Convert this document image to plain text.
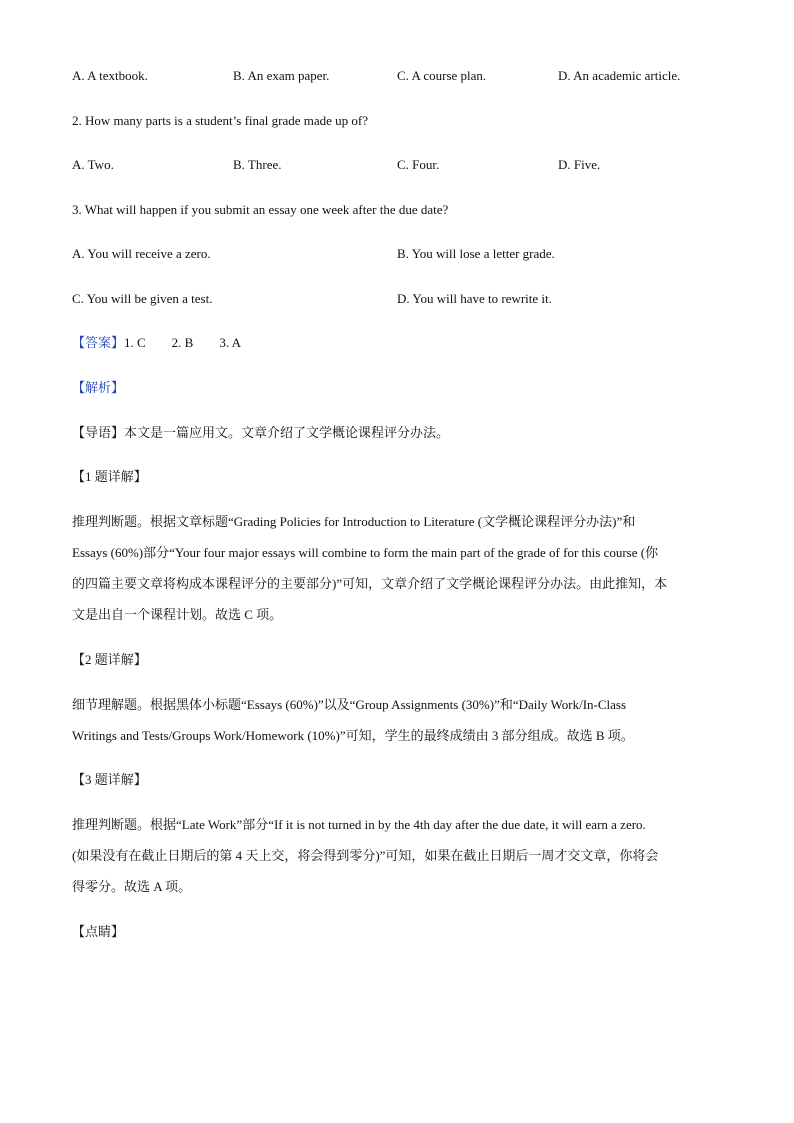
A. A textbook.	B. An exam paper.	C. A course plan.	D. An academic article.
2. How many parts is a student’s final grade made up of?
A. Two.	B. Three.	C. Four.	D. Five.
3. What will happen if you submit an essay one week after the due date?
A. You will receive a zero.	B. You will lose a letter grade.
C. You will be given a test.	D. You will have to rewrite it.
【答案】1. C        2. B        3. A
【解析】
【导语】本文是一篇应用文。文章介绍了文学概论课程评分办法。
【1 题详解】
推理判断题。根据文章标题“Grading Policies for Introduction to Literature (文学概论课程评分办法)”和
Essays (60%)部分“Your four major essays will combine to form the main part of the grade of for this course (你
的四篇主要文章将构成本课程评分的主要部分)”可知，文章介绍了文学概论课程评分办法。由此推知，本
文是出自一个课程计划。故选 C 项。
【2 题详解】
细节理解题。根据黑体小标题“Essays (60%)”以及“Group Assignments (30%)”和“Daily Work/In-Class
Writings and Tests/Groups Work/Homework (10%)”可知，学生的最终成绩由 3 部分组成。故选 B 项。
【3 题详解】
推理判断题。根据“Late Work”部分“If it is not turned in by the 4th day after the due date, it will earn a zero.
(如果没有在截止日期后的第 4 天上交，将会得到零分)”可知，如果在截止日期后一周才交文章，你将会
得零分。故选 A 项。
【点睛】
